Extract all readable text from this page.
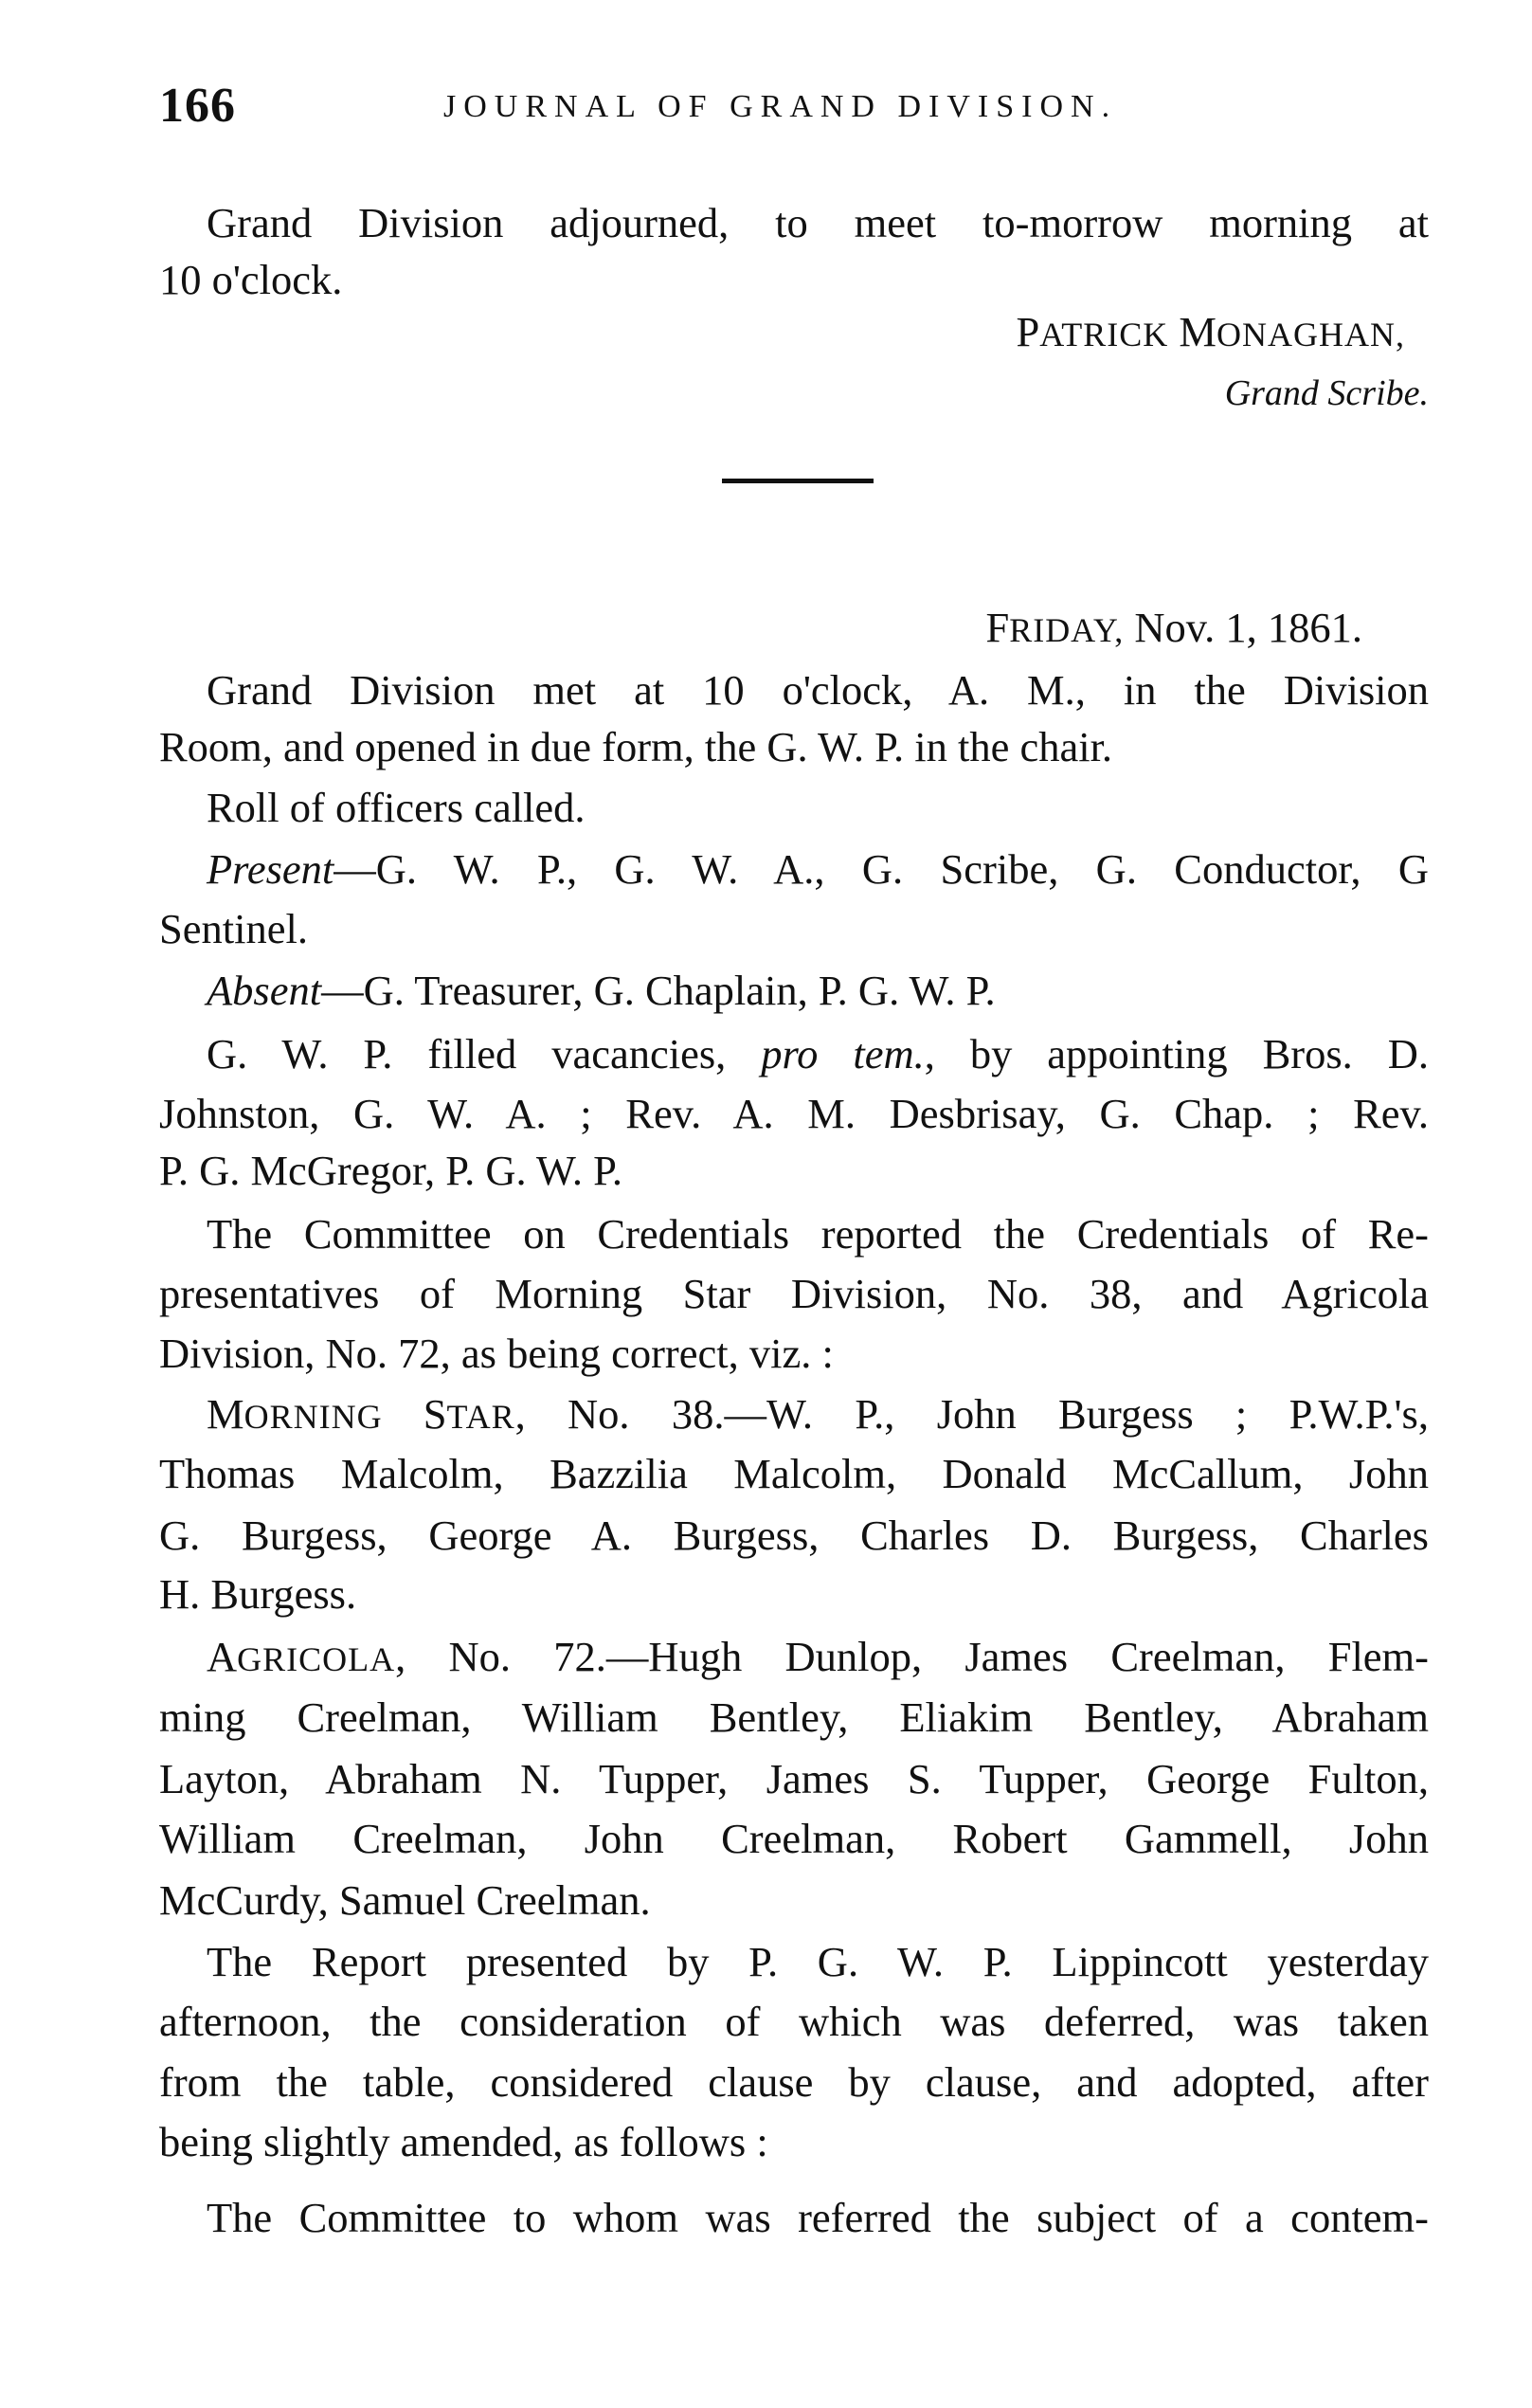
166	JOURNAL OF GRAND DIVISION.
Grand Division adjourned, to meet to-morrow morning at
10 o'clock.
PATRICK MONAGHAN,
Grand Scribe.
FRIDAY, Nov. 1, 1861.
Grand Division met at 10 o'clock, A. M., in the Division
Room, and opened in due form, the G. W. P. in the chair.
Roll of officers called.
Present—G. W. P., G. W. A., G. Scribe, G. Conductor, G
Sentinel.
Absent—G. Treasurer, G. Chaplain, P. G. W. P.
G. W. P. filled vacancies, pro tem., by appointing Bros. D.
Johnston, G. W. A. ; Rev. A. M. Desbrisay, G. Chap. ; Rev.
P. G. McGregor, P. G. W. P.
The Committee on Credentials reported the Credentials of Re-
presentatives of Morning Star Division, No. 38, and Agricola
Division, No. 72, as being correct, viz. :
MORNING STAR, No. 38.—W. P., John Burgess ; P.W.P.'s,
Thomas Malcolm, Bazzilia Malcolm, Donald McCallum, John
G. Burgess, George A. Burgess, Charles D. Burgess, Charles
H. Burgess.
AGRICOLA, No. 72.—Hugh Dunlop, James Creelman, Flem-
ming Creelman, William Bentley, Eliakim Bentley, Abraham
Layton, Abraham N. Tupper, James S. Tupper, George Fulton,
William Creelman, John Creelman, Robert Gammell, John
McCurdy, Samuel Creelman.
The Report presented by P. G. W. P. Lippincott yesterday
afternoon, the consideration of which was deferred, was taken
from the table, considered clause by clause, and adopted, after
being slightly amended, as follows :
The Committee to whom was referred the subject of a contem-
